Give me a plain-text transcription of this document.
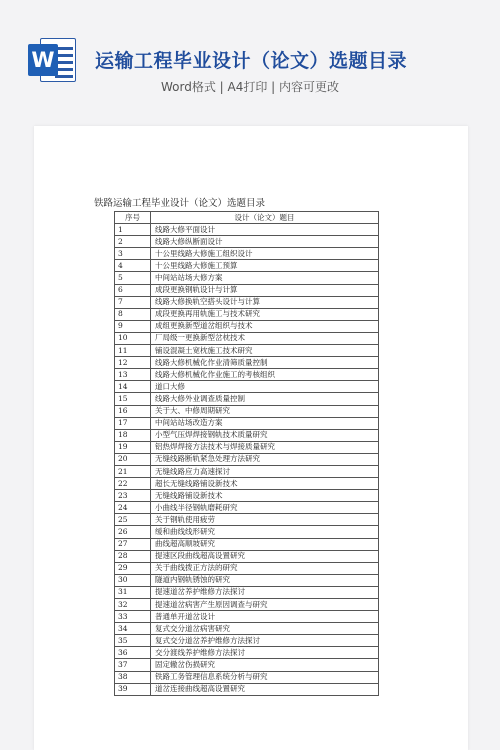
W 运输工程毕业设计（论文）选题目录
Word格式 | A4打印 | 内容可更改
铁路运输工程毕业设计（论文）选题目录
序号	设计（论文）题目
1	线路大修平面设计
2	线路大修纵断面设计
3	十公里线路大修施工组织设计
4	十公里线路大修施工预算
5	中间站站场大修方案
6	成段更换钢轨设计与计算
7	线路大修换轨空搭头设计与计算
8	成段更换再用轨施工与技术研究
9	成组更换新型道岔组织与技术
10	厂局级一更换新型岔枕技术
11	铺设混凝土宽枕施工技术研究
12	线路大修机械化作业清筛质量控制
13	线路大修机械化作业施工的考核组织
14	道口大修
15	线路大修外业调查质量控制
16	关于大、中修周期研究
17	中间站站场改造方案
18	小型气压焊焊接钢轨技术质量研究
19	铝热焊焊接方法技术与焊接质量研究
20	无缝线路断轨紧急处理方法研究
21	无缝线路应力高速探讨
22	超长无缝线路铺设新技术
23	无缝线路铺设新技术
24	小曲线半径钢轨磨耗研究
25	关于钢轨使用疲劳
26	缓和曲线线形研究
27	曲线超高顺坡研究
28	提速区段曲线超高设置研究
29	关于曲线拨正方法的研究
30	隧道内钢轨锈蚀的研究
31	提速道岔养护维修方法探讨
32	提速道岔病害产生原因调查与研究
33	普通单开道岔设计
34	复式交分道岔病害研究
35	复式交分道岔养护维修方法探讨
36	交分渡线养护维修方法探讨
37	固定辙岔伤损研究
38	铁路工务管理信息系统分析与研究
39	道岔连接曲线超高设置研究
